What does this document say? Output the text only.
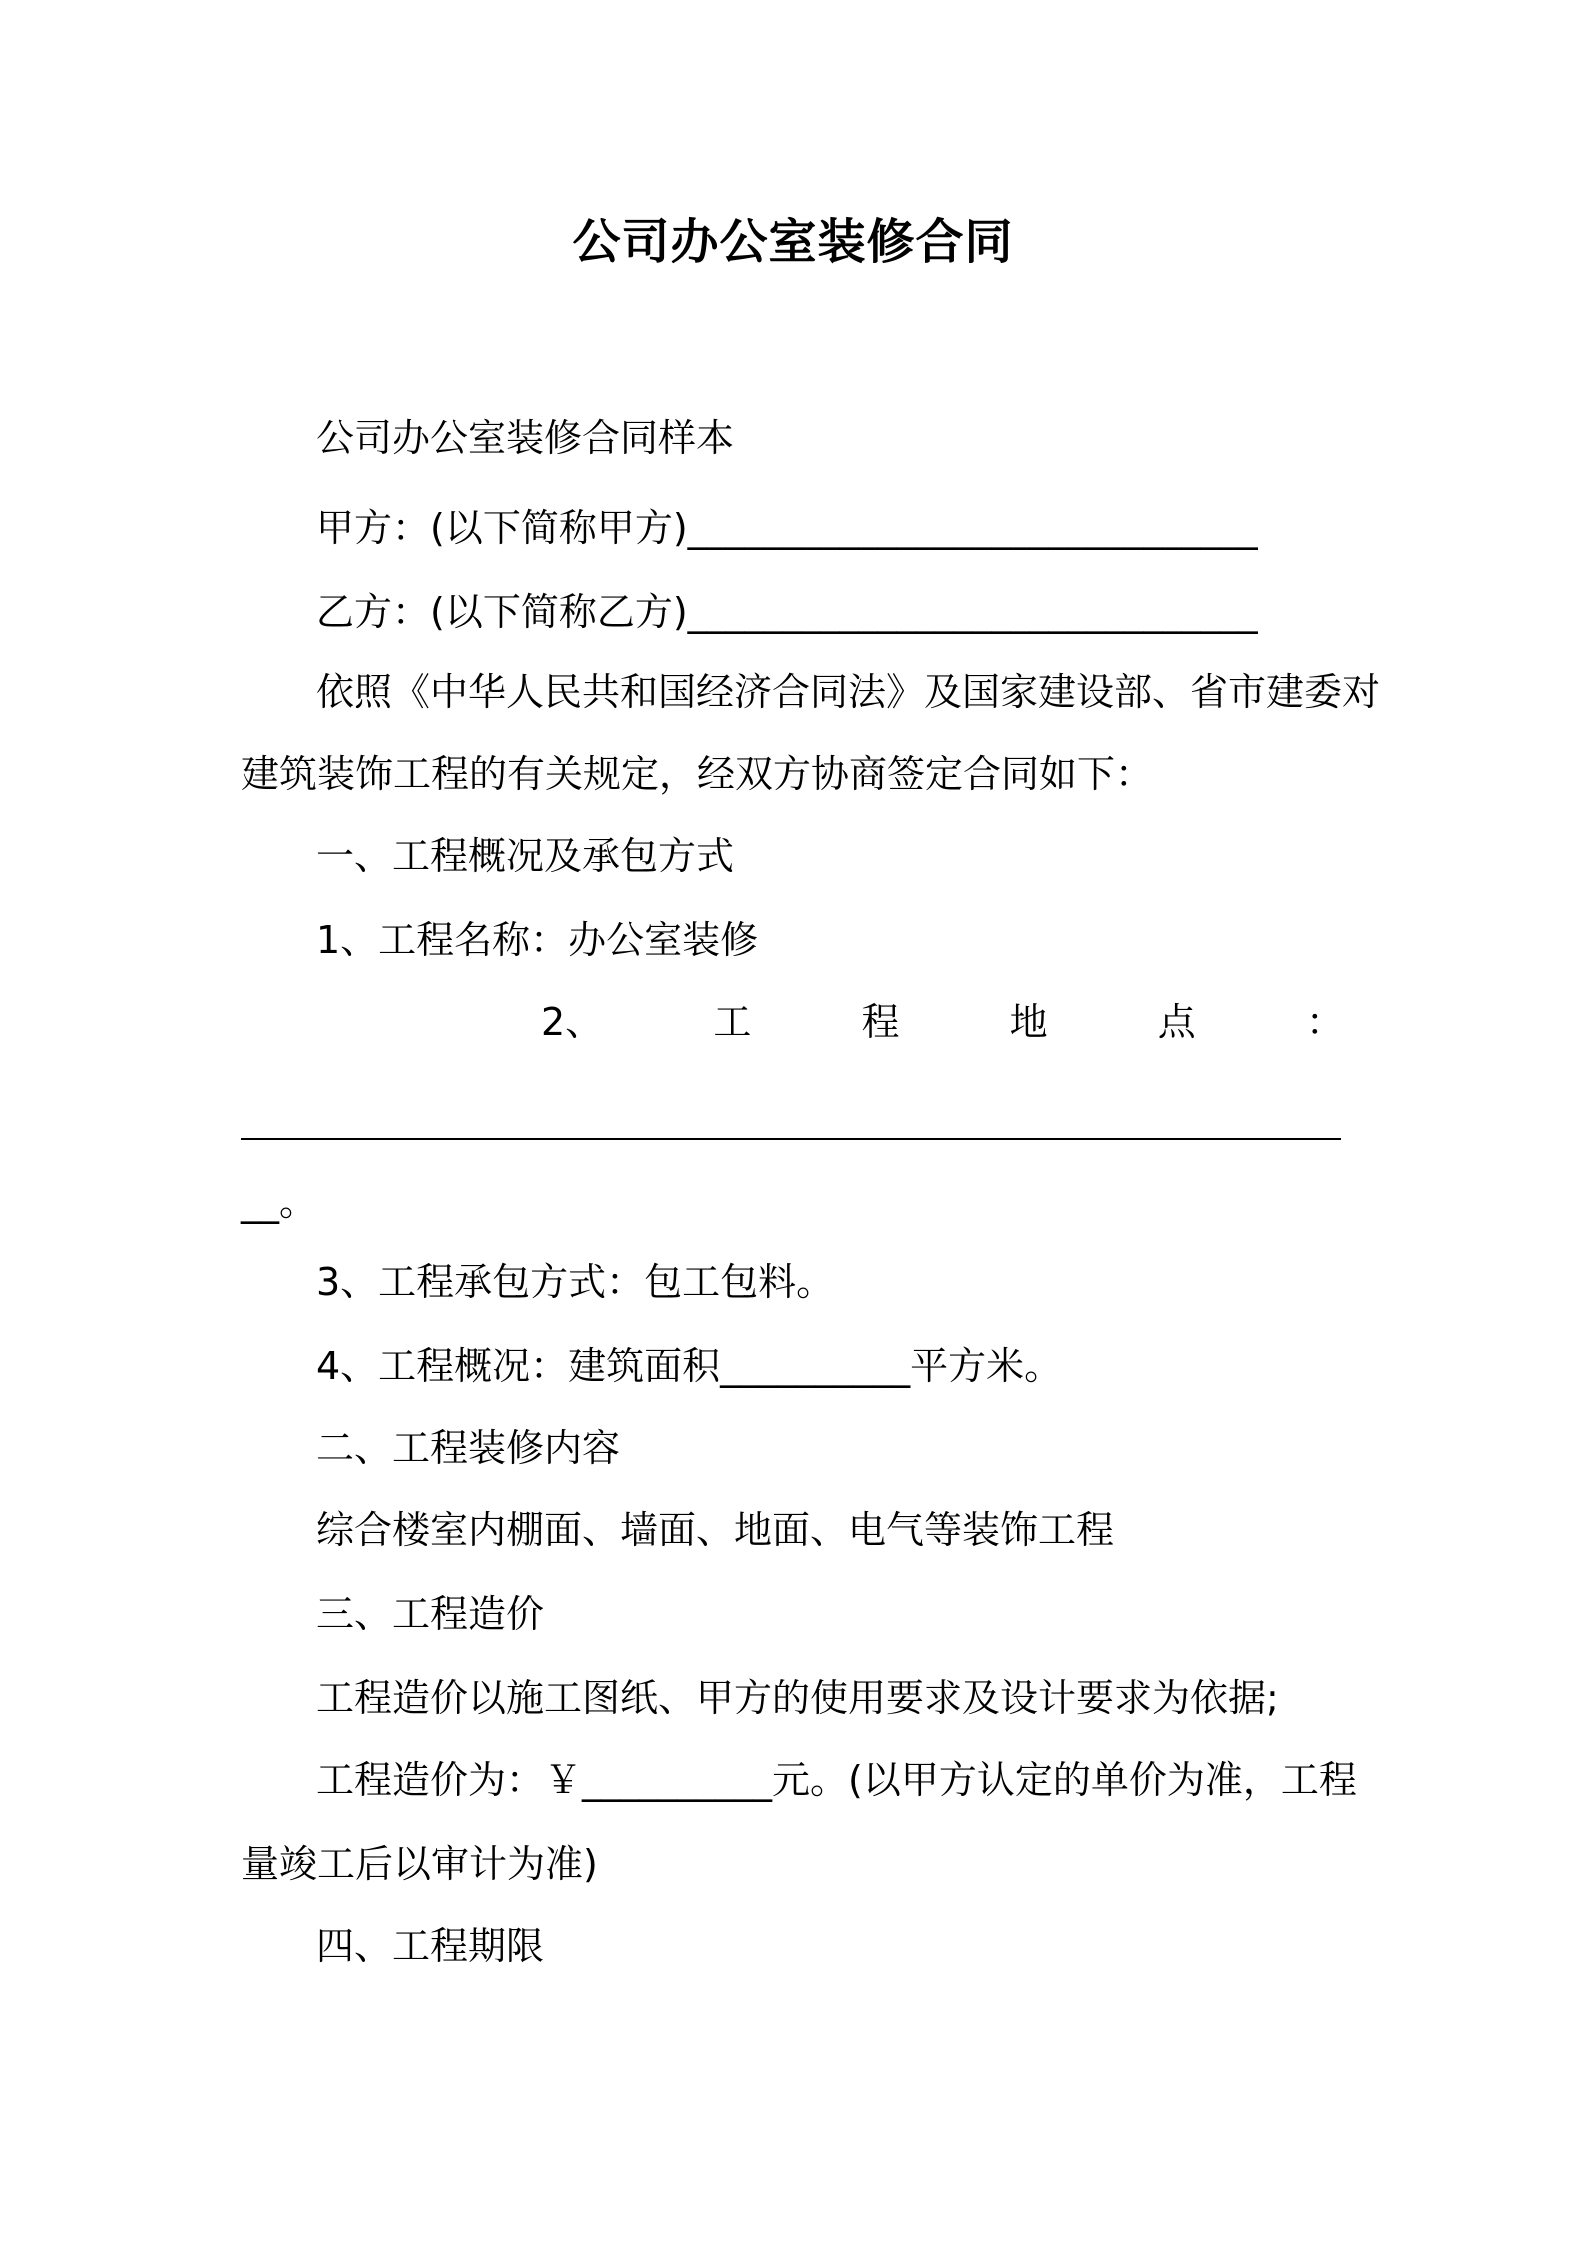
公司办公室装修合同
公司办公室装修合同样本
甲方：(以下简称甲方)______________________________
乙方：(以下简称乙方)______________________________
依照《中华人民共和国经济合同法》及国家建设部、省市建委对
建筑装饰工程的有关规定，经双方协商签定合同如下：
一、工程概况及承包方式
1、工程名称：办公室装修
2、	工	程	地	点	：
__。
3、工程承包方式：包工包料。
4、工程概况：建筑面积__________平方米。
二、工程装修内容
综合楼室内棚面、墙面、地面、电气等装饰工程
三、工程造价
工程造价以施工图纸、甲方的使用要求及设计要求为依据;
工程造价为：￥__________元。(以甲方认定的单价为准，工程
量竣工后以审计为准)
四、工程期限
